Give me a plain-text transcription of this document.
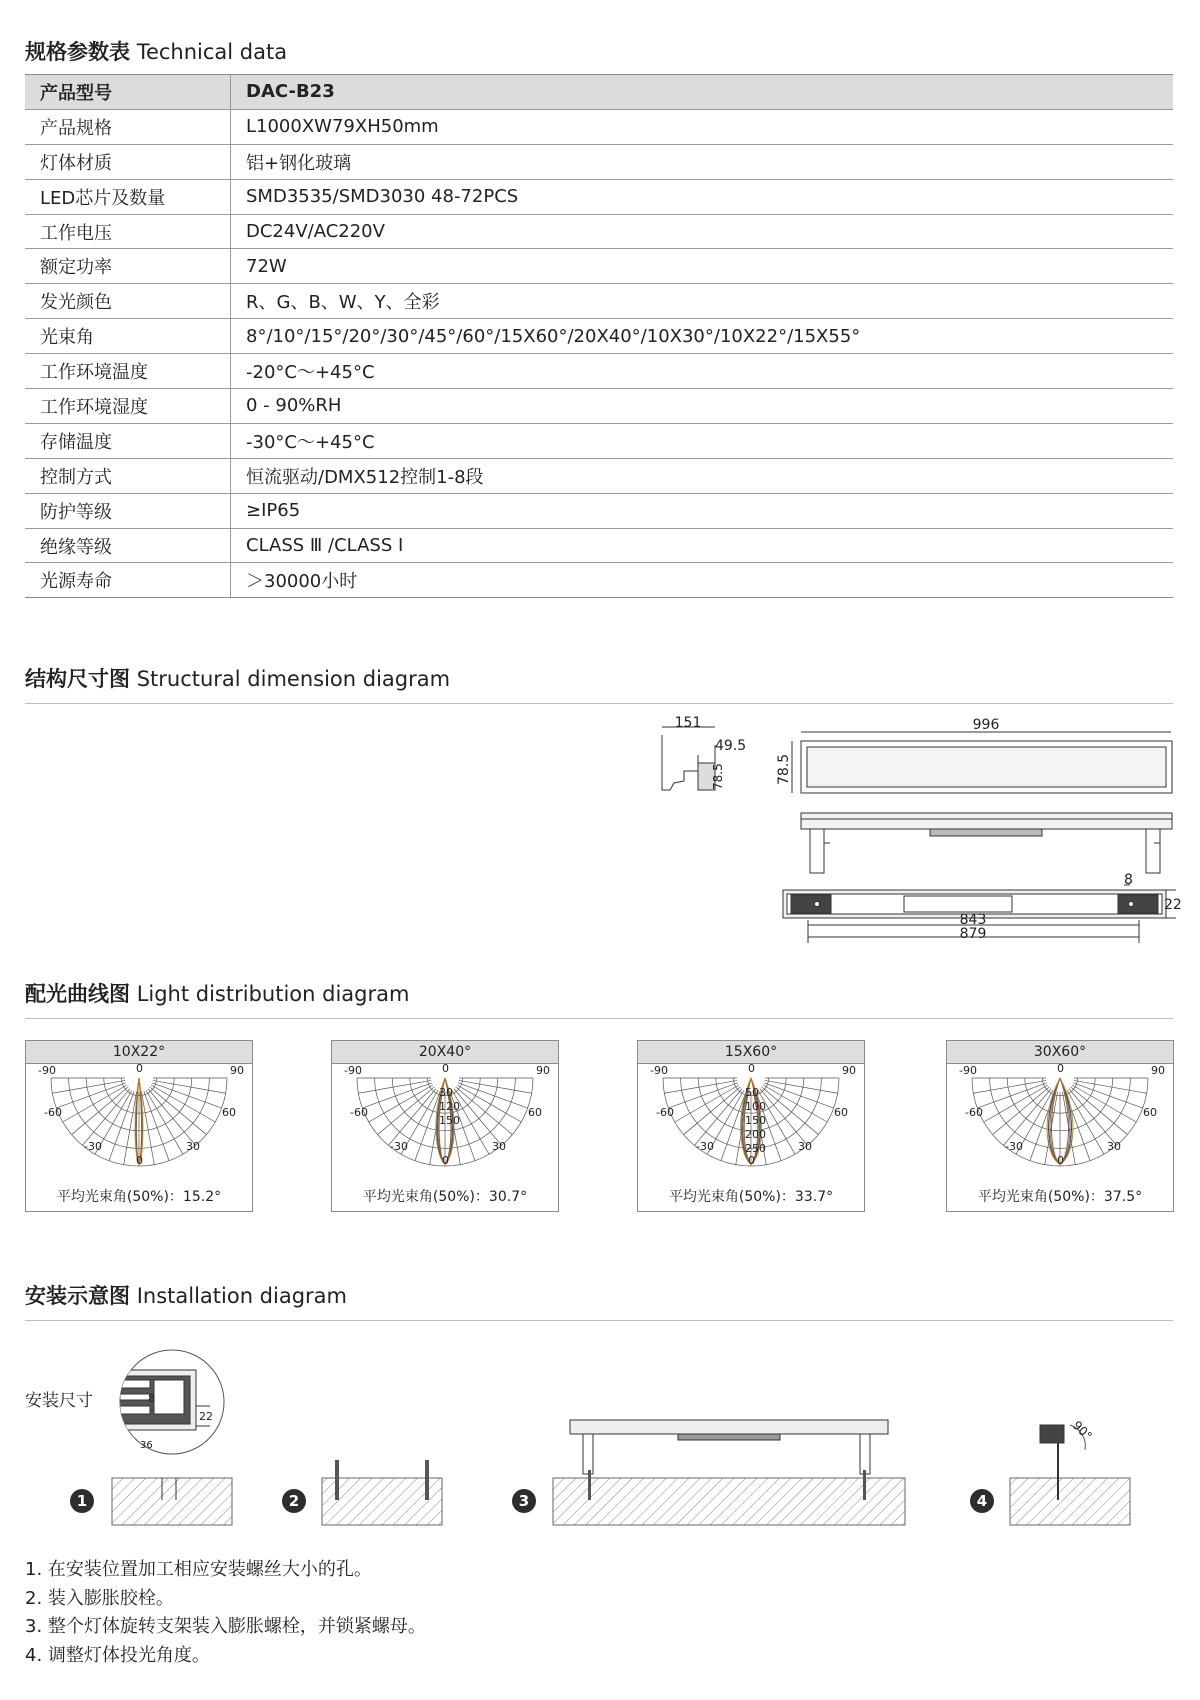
规格参数表 Technical data
产品型号	DAC-B23
产品规格	L1000XW79XH50mm
灯体材质	铝+钢化玻璃
LED芯片及数量	SMD3535/SMD3030 48-72PCS
工作电压	DC24V/AC220V
额定功率	72W
发光颜色	R、G、B、W、Y、全彩
光束角	8°/10°/15°/20°/30°/45°/60°/15X60°/20X40°/10X30°/10X22°/15X55°
工作环境温度	-20°C～+45°C
工作环境湿度	0 - 90%RH
存储温度	-30°C～+45°C
控制方式	恒流驱动/DMX512控制1-8段
防护等级	≥IP65
绝缘等级	CLASS Ⅲ /CLASS Ⅰ
光源寿命	＞30000小时
结构尺寸图 Structural dimension diagram
151
49.5
78.5	78.5
996
8
22
843
879
配光曲线图 Light distribution diagram
10X22°
-90	90
-60	60
-30	30
0
0
平均光束角(50%)：15.2°
20X40°
-90	90
-60	60
-30	30
0
0
30
120
150
平均光束角(50%)：30.7°
15X60°
-90	90
-60	60
-30	30
0
0
50
100
150
200
250
平均光束角(50%)：33.7°
30X60°
-90	90
-60	60
-30	30
0
0
平均光束角(50%)：37.5°
安装示意图 Installation diagram
安装尺寸	8
22
36
90°
1	2	3	4
1. 在安装位置加工相应安装螺丝大小的孔。
2. 装入膨胀胶栓。
3. 整个灯体旋转支架装入膨胀螺栓，并锁紧螺母。
4. 调整灯体投光角度。
